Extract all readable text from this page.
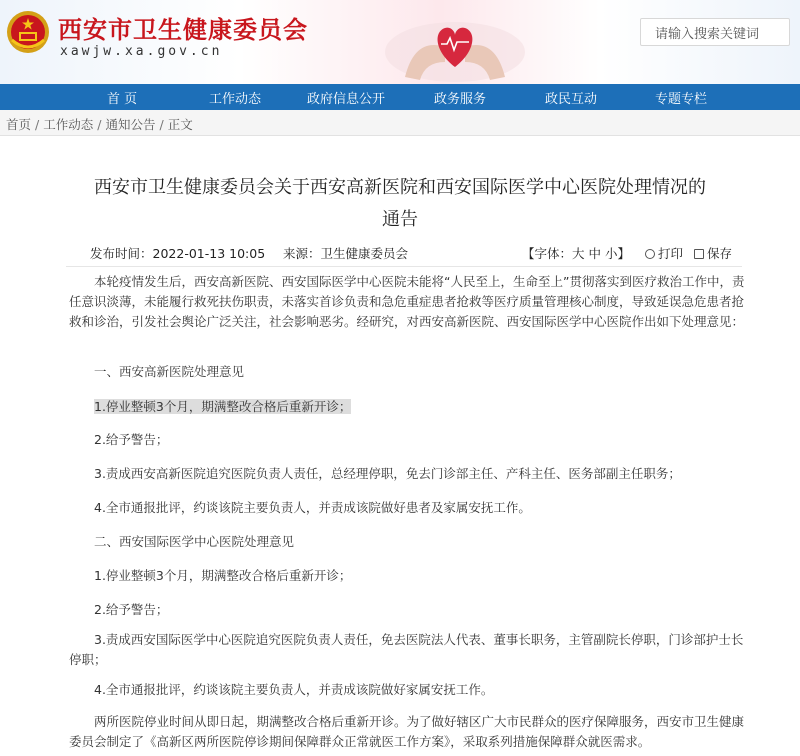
西安市卫生健康委员会
xawjw.xa.gov.cn
请输入搜索关键词
首 页	工作动态	政府信息公开	政务服务	政民互动	专题专栏
首页 / 工作动态 / 通知公告 / 正文
西安市卫生健康委员会关于西安高新医院和西安国际医学中心医院处理情况的
通告
发布时间：2022-01-13 10:05 来源：卫生健康委员会	【字体：大 中 小】	打印	保存
本轮疫情发生后，西安高新医院、西安国际医学中心医院未能将“人民至上，生命至上”贯彻落实到医疗救治工作中，责任意识淡薄，未能履行救死扶伤职责，未落实首诊负责和急危重症患者抢救等医疗质量管理核心制度，导致延误急危患者抢救和诊治，引发社会舆论广泛关注，社会影响恶劣。经研究，对西安高新医院、西安国际医学中心医院作出如下处理意见：
一、西安高新医院处理意见
1.停业整顿3个月，期满整改合格后重新开诊；
2.给予警告；
3.责成西安高新医院追究医院负责人责任，总经理停职，免去门诊部主任、产科主任、医务部副主任职务；
4.全市通报批评，约谈该院主要负责人，并责成该院做好患者及家属安抚工作。
二、西安国际医学中心医院处理意见
1.停业整顿3个月，期满整改合格后重新开诊；
2.给予警告；
3.责成西安国际医学中心医院追究医院负责人责任，免去医院法人代表、董事长职务，主管副院长停职，门诊部护士长停职；
4.全市通报批评，约谈该院主要负责人，并责成该院做好家属安抚工作。
两所医院停业时间从即日起，期满整改合格后重新开诊。为了做好辖区广大市民群众的医疗保障服务，西安市卫生健康委员会制定了《高新区两所医院停诊期间保障群众正常就医工作方案》，采取系列措施保障群众就医需求。
